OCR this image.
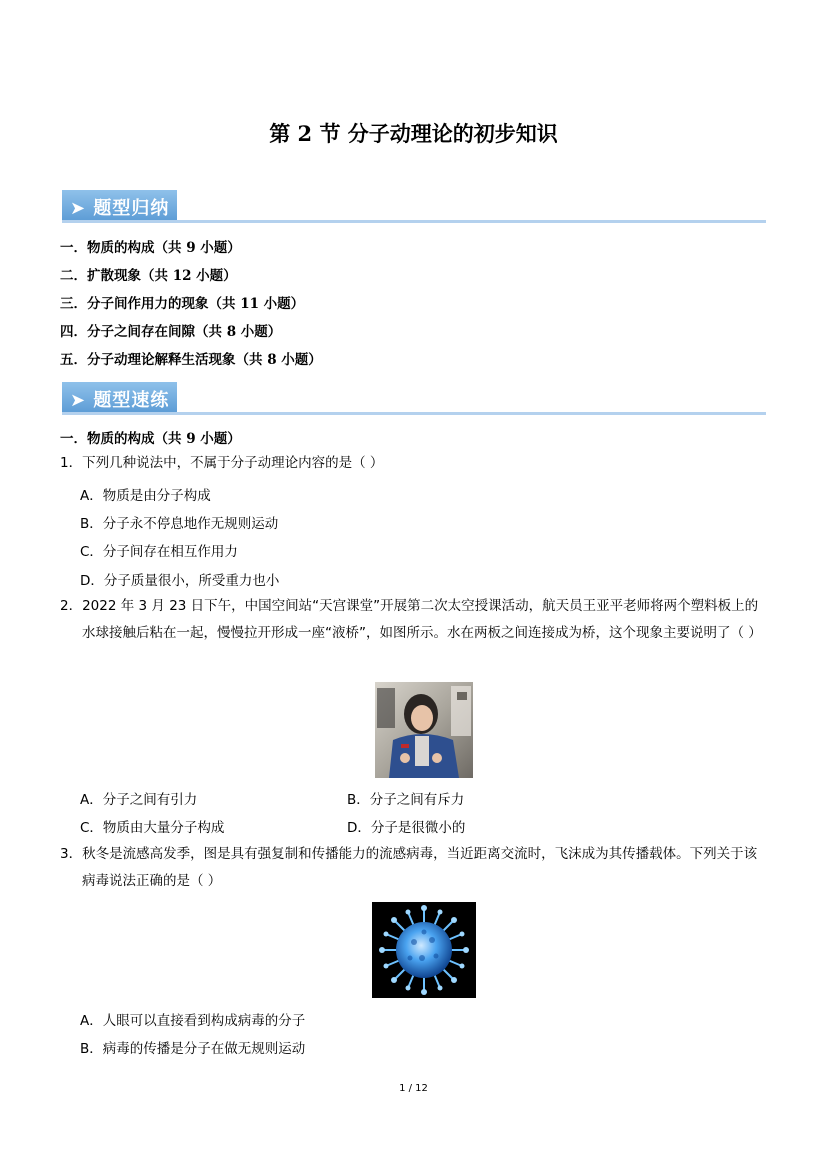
第 2 节 分子动理论的初步知识
➤ 题型归纳
一．物质的构成（共 9 小题）
二．扩散现象（共 12 小题）
三．分子间作用力的现象（共 11 小题）
四．分子之间存在间隙（共 8 小题）
五．分子动理论解释生活现象（共 8 小题）
➤ 题型速练
一．物质的构成（共 9 小题）
1．下列几种说法中，不属于分子动理论内容的是（ ）
A．物质是由分子构成
B．分子永不停息地作无规则运动
C．分子间存在相互作用力
D．分子质量很小，所受重力也小
2．2022 年 3 月 23 日下午，中国空间站“天宫课堂”开展第二次太空授课活动，航天员王亚平老师将两个塑料板上的水球接触后粘在一起，慢慢拉开形成一座“液桥”，如图所示。水在两板之间连接成为桥，这个现象主要说明了（ ）
A．分子之间有引力	B．分子之间有斥力
C．物质由大量分子构成	D．分子是很微小的
3．秋冬是流感高发季，图是具有强复制和传播能力的流感病毒，当近距离交流时，飞沫成为其传播载体。下列关于该病毒说法正确的是（ ）
A．人眼可以直接看到构成病毒的分子
B．病毒的传播是分子在做无规则运动
1 / 12
